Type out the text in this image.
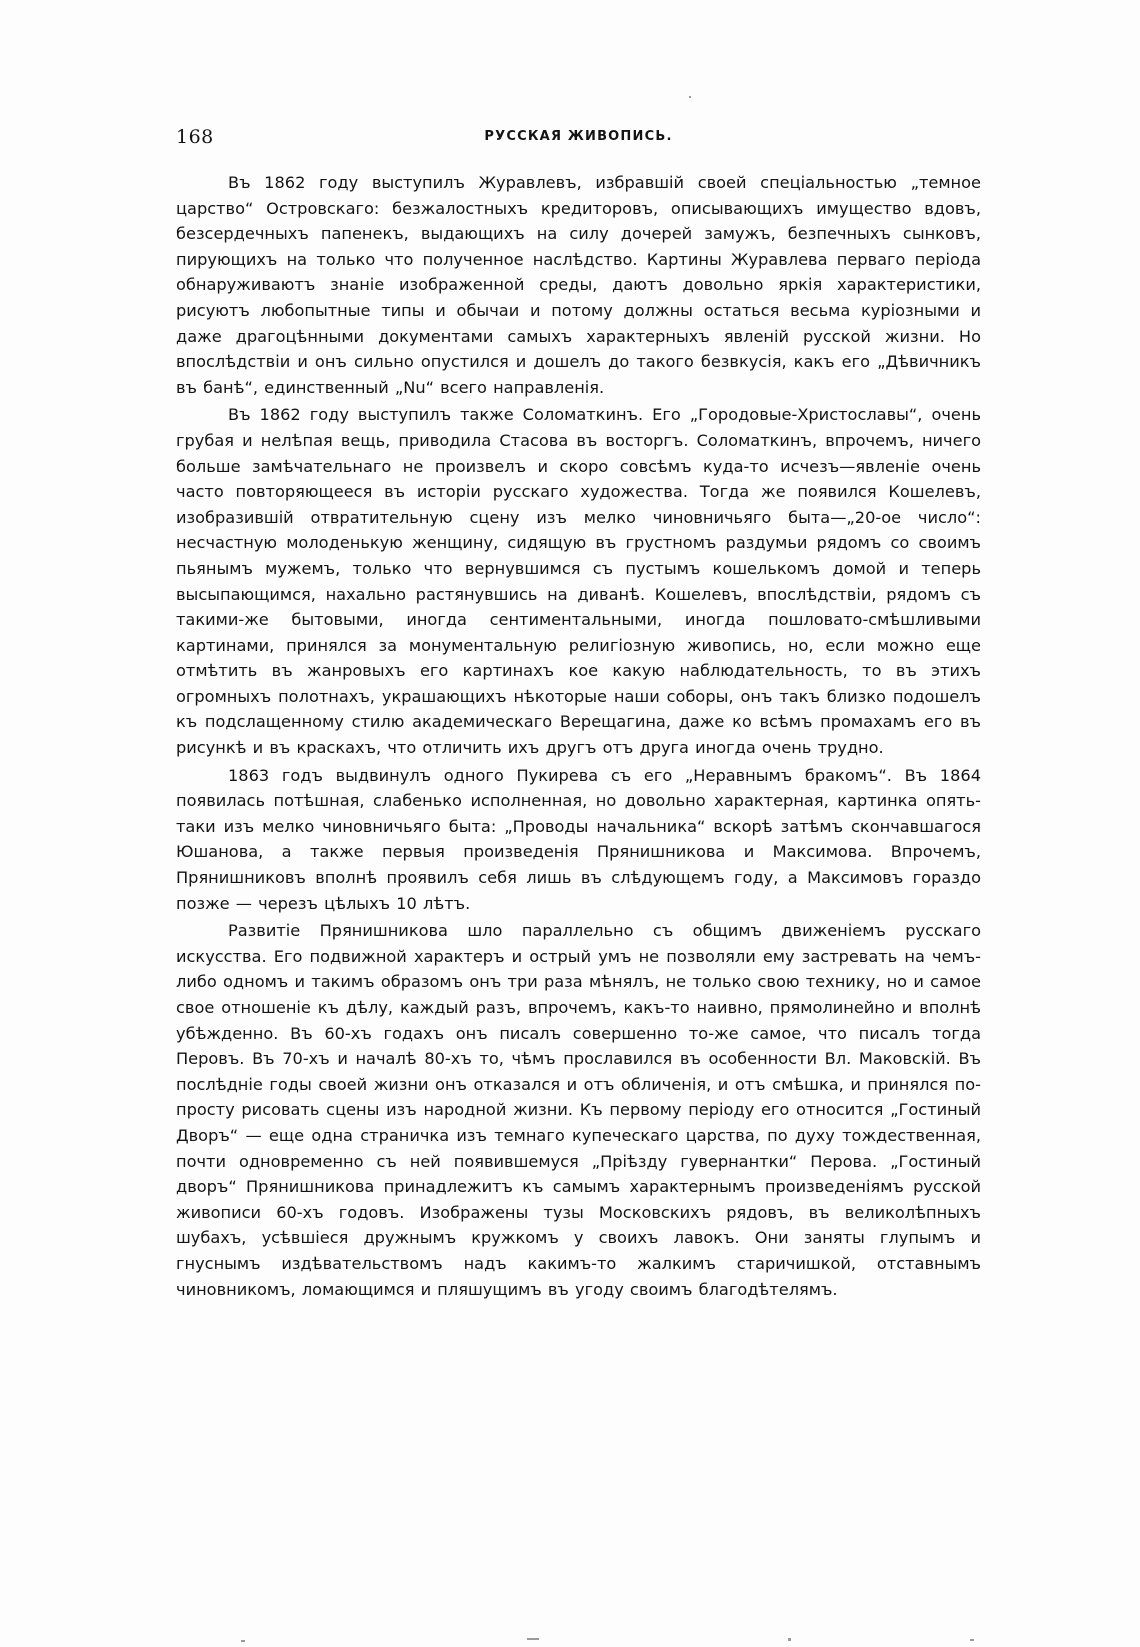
168	РУССКАЯ ЖИВОПИСЬ.

Въ 1862 году выступилъ Журавлевъ, избравшій своей спеціальностью „темное царство“ Островскаго: безжалостныхъ кредиторовъ, описывающихъ имущество вдовъ, безсердечныхъ папенекъ, выдающихъ на силу дочерей замужъ, безпечныхъ сынковъ, пирующихъ на только что полученное наслѣдство. Картины Журавлева перваго періода обнаруживаютъ знаніе изображенной среды, даютъ довольно яркія характеристики, рисуютъ любопытные типы и обычаи и потому должны остаться весьма куріозными и даже драгоцѣнными документами самыхъ характерныхъ явленій русской жизни. Но впослѣдствіи и онъ сильно опустился и дошелъ до такого безвкусія, какъ его „Дѣвичникъ въ банѣ“, единственный „Nu“ всего направленія.

Въ 1862 году выступилъ также Соломаткинъ. Его „Городовые-Христославы“, очень грубая и нелѣпая вещь, приводила Стасова въ восторгъ. Соломаткинъ, впрочемъ, ничего больше замѣчательнаго не произвелъ и скоро совсѣмъ куда-то исчезъ—явленіе очень часто повторяющееся въ исторіи русскаго художества. Тогда же появился Кошелевъ, изобразившій отвратительную сцену изъ мелко чиновничьяго быта—„20-ое число“: несчастную молоденькую женщину, сидящую въ грустномъ раздумьи рядомъ со своимъ пьянымъ мужемъ, только что вернувшимся съ пустымъ кошелькомъ домой и теперь высыпающимся, нахально растянувшись на диванѣ. Кошелевъ, впослѣдствіи, рядомъ съ такими-же бытовыми, иногда сентиментальными, иногда пошловато-смѣшливыми картинами, принялся за монументальную религіозную живопись, но, если можно еще отмѣтить въ жанровыхъ его картинахъ кое какую наблюдательность, то въ этихъ огромныхъ полотнахъ, украшающихъ нѣкоторые наши соборы, онъ такъ близко подошелъ къ подслащенному стилю академическаго Верещагина, даже ко всѣмъ промахамъ его въ рисункѣ и въ краскахъ, что отличить ихъ другъ отъ друга иногда очень трудно.

1863 годъ выдвинулъ одного Пукирева съ его „Неравнымъ бракомъ“. Въ 1864 появилась потѣшная, слабенько исполненная, но довольно характерная, картинка опять-таки изъ мелко чиновничьяго быта: „Проводы начальника“ вскорѣ затѣмъ скончавшагося Юшанова, а также первыя произведенія Прянишникова и Максимова. Впрочемъ, Прянишниковъ вполнѣ проявилъ себя лишь въ слѣдующемъ году, а Максимовъ гораздо позже — черезъ цѣлыхъ 10 лѣтъ.

Развитіе Прянишникова шло параллельно съ общимъ движеніемъ русскаго искусства. Его подвижной характеръ и острый умъ не позволяли ему застревать на чемъ-либо одномъ и такимъ образомъ онъ три раза мѣнялъ, не только свою технику, но и самое свое отношеніе къ дѣлу, каждый разъ, впрочемъ, какъ-то наивно, прямолинейно и вполнѣ убѣжденно. Въ 60-хъ годахъ онъ писалъ совершенно то-же самое, что писалъ тогда Перовъ. Въ 70-хъ и началѣ 80-хъ то, чѣмъ прославился въ особенности Вл. Маковскій. Въ послѣдніе годы своей жизни онъ отказался и отъ обличенія, и отъ смѣшка, и принялся по-просту рисовать сцены изъ народной жизни. Къ первому періоду его относится „Гостиный Дворъ“ — еще одна страничка изъ темнаго купеческаго царства, по духу тождественная, почти одновременно съ ней появившемуся „Пріѣзду гувернантки“ Перова. „Гостиный дворъ“ Прянишникова принадлежитъ къ самымъ характернымъ произведеніямъ русской живописи 60-хъ годовъ. Изображены тузы Московскихъ рядовъ, въ великолѣпныхъ шубахъ, усѣвшіеся дружнымъ кружкомъ у своихъ лавокъ. Они заняты глупымъ и гнуснымъ издѣвательствомъ надъ какимъ-то жалкимъ старичишкой, отставнымъ чиновникомъ, ломающимся и пляшущимъ въ угоду своимъ благодѣтелямъ.
